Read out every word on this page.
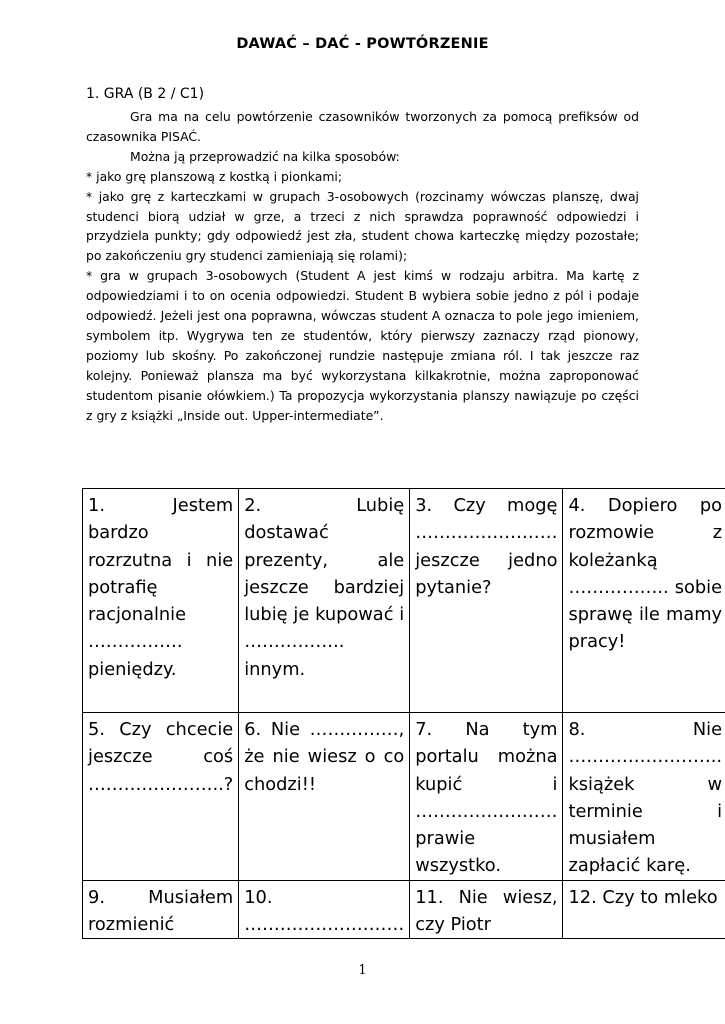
DAWAĆ – DAĆ - POWTÓRZENIE
1. GRA (B 2 / C1)

Gra ma na celu powtórzenie czasowników tworzonych za pomocą prefiksów od czasownika PISAĆ.

Można ją przeprowadzić na kilka sposobów:

* jako grę planszową z kostką i pionkami;

* jako grę z karteczkami w grupach 3-osobowych (rozcinamy wówczas planszę, dwaj studenci biorą udział w grze, a trzeci z nich sprawdza poprawność odpowiedzi i przydziela punkty; gdy odpowiedź jest zła, student chowa karteczkę między pozostałe; po zakończeniu gry studenci zamieniają się rolami);

* gra w grupach 3-osobowych (Student A jest kimś w rodzaju arbitra. Ma kartę z odpowiedziami i to on ocenia odpowiedzi. Student B wybiera sobie jedno z pól i podaje odpowiedź. Jeżeli jest ona poprawna, wówczas student A oznacza to pole jego imieniem, symbolem itp. Wygrywa ten ze studentów, który pierwszy zaznaczy rząd pionowy, poziomy lub skośny. Po zakończonej rundzie następuje zmiana ról. I tak jeszcze raz kolejny. Ponieważ plansza ma być wykorzystana kilkakrotnie, można zaproponować studentom pisanie ołówkiem.) Ta propozycja wykorzystania planszy nawiązuje po części z gry z książki „Inside out. Upper-intermediate”.

1. Jestem bardzo rozrzutna i nie potrafię racjonalnie ……………. pieniędzy.	2. Lubię dostawać prezenty, ale jeszcze bardziej lubię je kupować i …………….. innym.	3. Czy mogę …………………… jeszcze jedno pytanie?	4. Dopiero po rozmowie z koleżanką …………….. sobie sprawę ile mamy pracy!
5. Czy chcecie jeszcze coś …………………..?	6. Nie ……………, że nie wiesz o co chodzi!!	7. Na tym portalu można kupić i …………………… prawie wszystko.	8. Nie …………………….. książek w terminie i musiałem zapłacić karę.
9. Musiałem rozmienić	10. ………………………	11. Nie wiesz, czy Piotr	12. Czy to mleko
1
